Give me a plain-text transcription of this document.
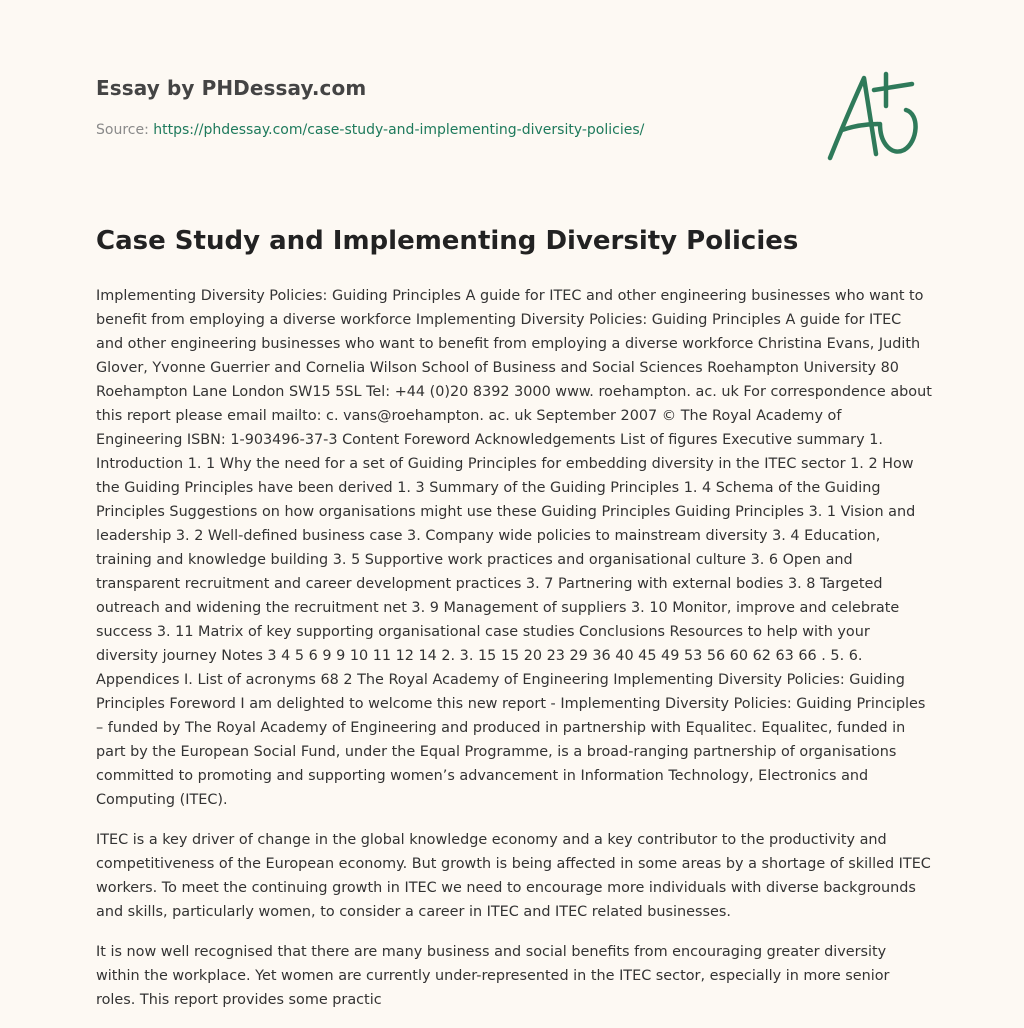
Essay by PHDessay.com
Source: https://phdessay.com/case-study-and-implementing-diversity-policies/
Case Study and Implementing Diversity Policies

Implementing Diversity Policies: Guiding Principles A guide for ITEC and other engineering businesses who want to benefit from employing a diverse workforce Implementing Diversity Policies: Guiding Principles A guide for ITEC and other engineering businesses who want to benefit from employing a diverse workforce Christina Evans, Judith Glover, Yvonne Guerrier and Cornelia Wilson School of Business and Social Sciences Roehampton University 80 Roehampton Lane London SW15 5SL Tel: +44 (0)20 8392 3000 www. roehampton. ac. uk For correspondence about this report please email mailto: c. vans@roehampton. ac. uk September 2007 © The Royal Academy of Engineering ISBN: 1-903496-37-3 Content Foreword Acknowledgements List of figures Executive summary 1. Introduction 1. 1 Why the need for a set of Guiding Principles for embedding diversity in the ITEC sector 1. 2 How the Guiding Principles have been derived 1. 3 Summary of the Guiding Principles 1. 4 Schema of the Guiding Principles Suggestions on how organisations might use these Guiding Principles Guiding Principles 3. 1 Vision and leadership 3. 2 Well-defined business case 3. Company wide policies to mainstream diversity 3. 4 Education, training and knowledge building 3. 5 Supportive work practices and organisational culture 3. 6 Open and transparent recruitment and career development practices 3. 7 Partnering with external bodies 3. 8 Targeted outreach and widening the recruitment net 3. 9 Management of suppliers 3. 10 Monitor, improve and celebrate success 3. 11 Matrix of key supporting organisational case studies Conclusions Resources to help with your diversity journey Notes 3 4 5 6 9 9 10 11 12 14 2. 3. 15 15 20 23 29 36 40 45 49 53 56 60 62 63 66 . 5. 6. Appendices I. List of acronyms 68 2 The Royal Academy of Engineering Implementing Diversity Policies: Guiding Principles Foreword I am delighted to welcome this new report - Implementing Diversity Policies: Guiding Principles – funded by The Royal Academy of Engineering and produced in partnership with Equalitec. Equalitec, funded in part by the European Social Fund, under the Equal Programme, is a broad-ranging partnership of organisations committed to promoting and supporting women’s advancement in Information Technology, Electronics and Computing (ITEC).

ITEC is a key driver of change in the global knowledge economy and a key contributor to the productivity and competitiveness of the European economy. But growth is being affected in some areas by a shortage of skilled ITEC workers. To meet the continuing growth in ITEC we need to encourage more individuals with diverse backgrounds and skills, particularly women, to consider a career in ITEC and ITEC related businesses.

It is now well recognised that there are many business and social benefits from encouraging greater diversity within the workplace. Yet women are currently under-represented in the ITEC sector, especially in more senior roles. This report provides some practic
